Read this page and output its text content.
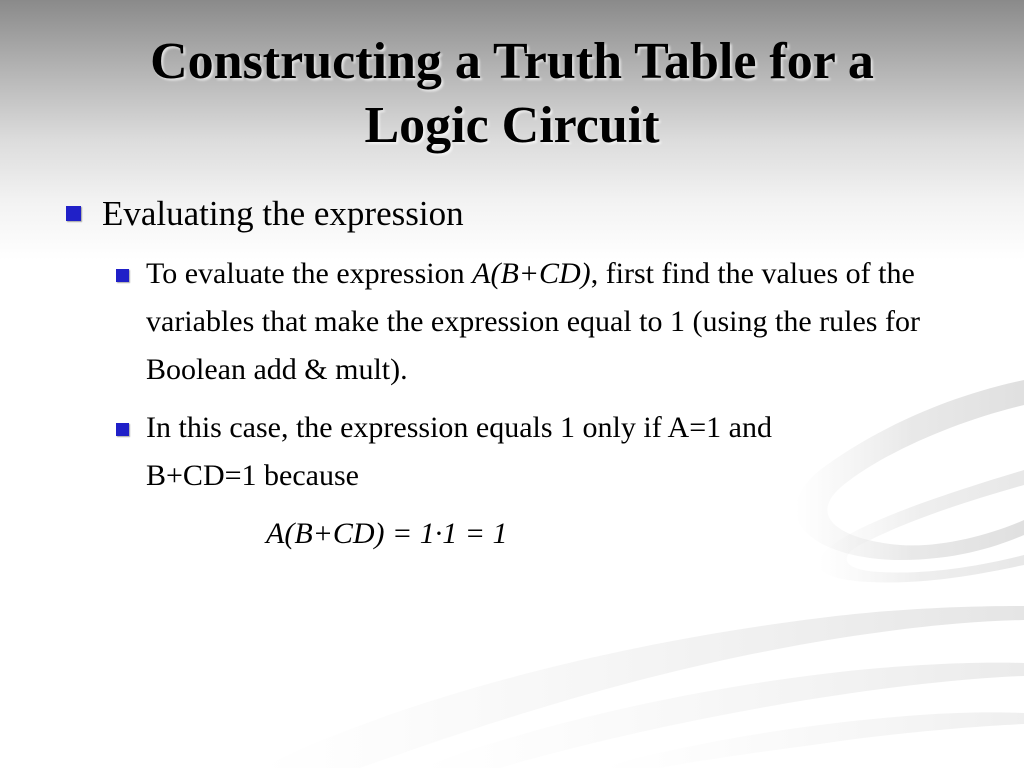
Constructing a Truth Table for a
Logic Circuit
Evaluating the expression
To evaluate the expression A(B+CD), first find the values of the variables that make the expression equal to 1 (using the rules for Boolean add & mult).
In this case, the expression equals 1 only if A=1 and
B+CD=1 because
A(B+CD) = 1·1 = 1
